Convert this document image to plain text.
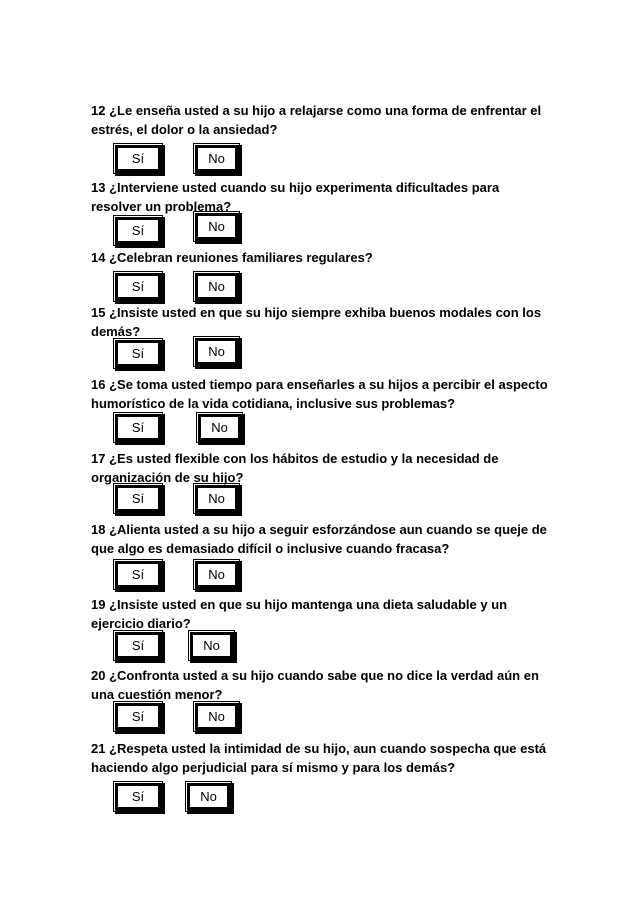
12 ¿Le enseña usted a su hijo a relajarse como una forma de enfrentar el estrés, el dolor o la ansiedad?
Sí	No
13 ¿Interviene usted cuando su hijo experimenta dificultades para resolver un problema?
Sí	No
14 ¿Celebran reuniones familiares regulares?
Sí	No
15 ¿Insiste usted en que su hijo siempre exhiba buenos modales con los demás?
Sí	No
16 ¿Se toma usted tiempo para enseñarles a su hijos a percibir el aspecto humorístico de la vida cotidiana, inclusive sus problemas?
Sí	No
17 ¿Es usted flexible con los hábitos de estudio y la necesidad de organización de su hijo?
Sí	No
18 ¿Alienta usted a su hijo a seguir esforzándose aun cuando se queje de que algo es demasiado difícil o inclusive cuando fracasa?
Sí	No
19 ¿Insiste usted en que su hijo mantenga una dieta saludable y un ejercicio diario?
Sí	No
20 ¿Confronta usted a su hijo cuando sabe que no dice la verdad aún en una cuestión menor?
Sí	No
21 ¿Respeta usted la intimidad de su hijo, aun cuando sospecha que está haciendo algo perjudicial para sí mismo y para los demás?
Sí	No
